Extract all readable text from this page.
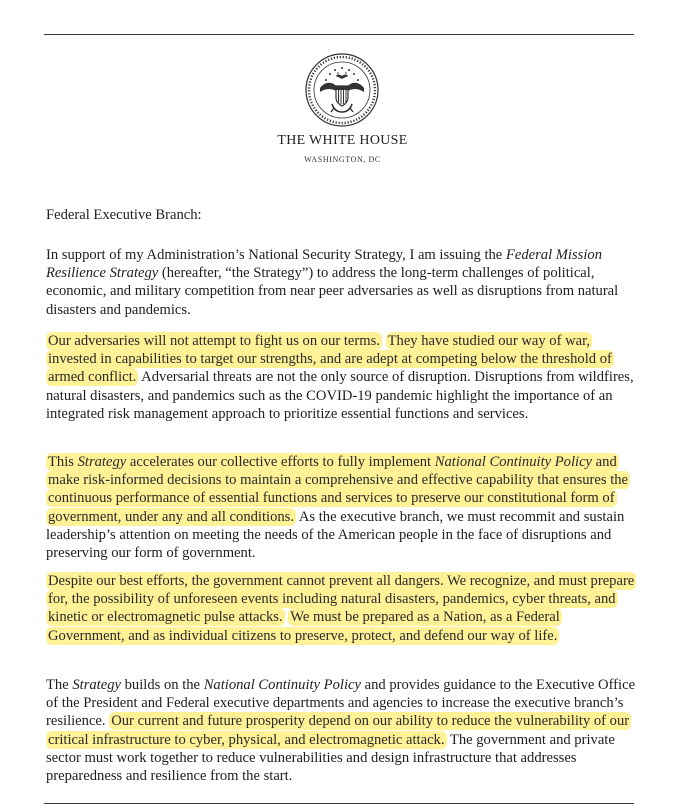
THE WHITE HOUSE
WASHINGTON, DC
Federal Executive Branch:

In support of my Administration’s National Security Strategy, I am issuing the Federal Mission Resilience Strategy (hereafter, “the Strategy”) to address the long-term challenges of political, economic, and military competition from near peer adversaries as well as disruptions from natural disasters and pandemics.

Our adversaries will not attempt to fight us on our terms. They have studied our way of war, invested in capabilities to target our strengths, and are adept at competing below the threshold of armed conflict. Adversarial threats are not the only source of disruption. Disruptions from wildfires, natural disasters, and pandemics such as the COVID-19 pandemic highlight the importance of an integrated risk management approach to prioritize essential functions and services.

This Strategy accelerates our collective efforts to fully implement National Continuity Policy and make risk-informed decisions to maintain a comprehensive and effective capability that ensures the continuous performance of essential functions and services to preserve our constitutional form of government, under any and all conditions. As the executive branch, we must recommit and sustain leadership’s attention on meeting the needs of the American people in the face of disruptions and preserving our form of government.

Despite our best efforts, the government cannot prevent all dangers. We recognize, and must prepare for, the possibility of unforeseen events including natural disasters, pandemics, cyber threats, and kinetic or electromagnetic pulse attacks. We must be prepared as a Nation, as a Federal Government, and as individual citizens to preserve, protect, and defend our way of life.

The Strategy builds on the National Continuity Policy and provides guidance to the Executive Office of the President and Federal executive departments and agencies to increase the executive branch’s resilience. Our current and future prosperity depend on our ability to reduce the vulnerability of our critical infrastructure to cyber, physical, and electromagnetic attack. The government and private sector must work together to reduce vulnerabilities and design infrastructure that addresses preparedness and resilience from the start.
